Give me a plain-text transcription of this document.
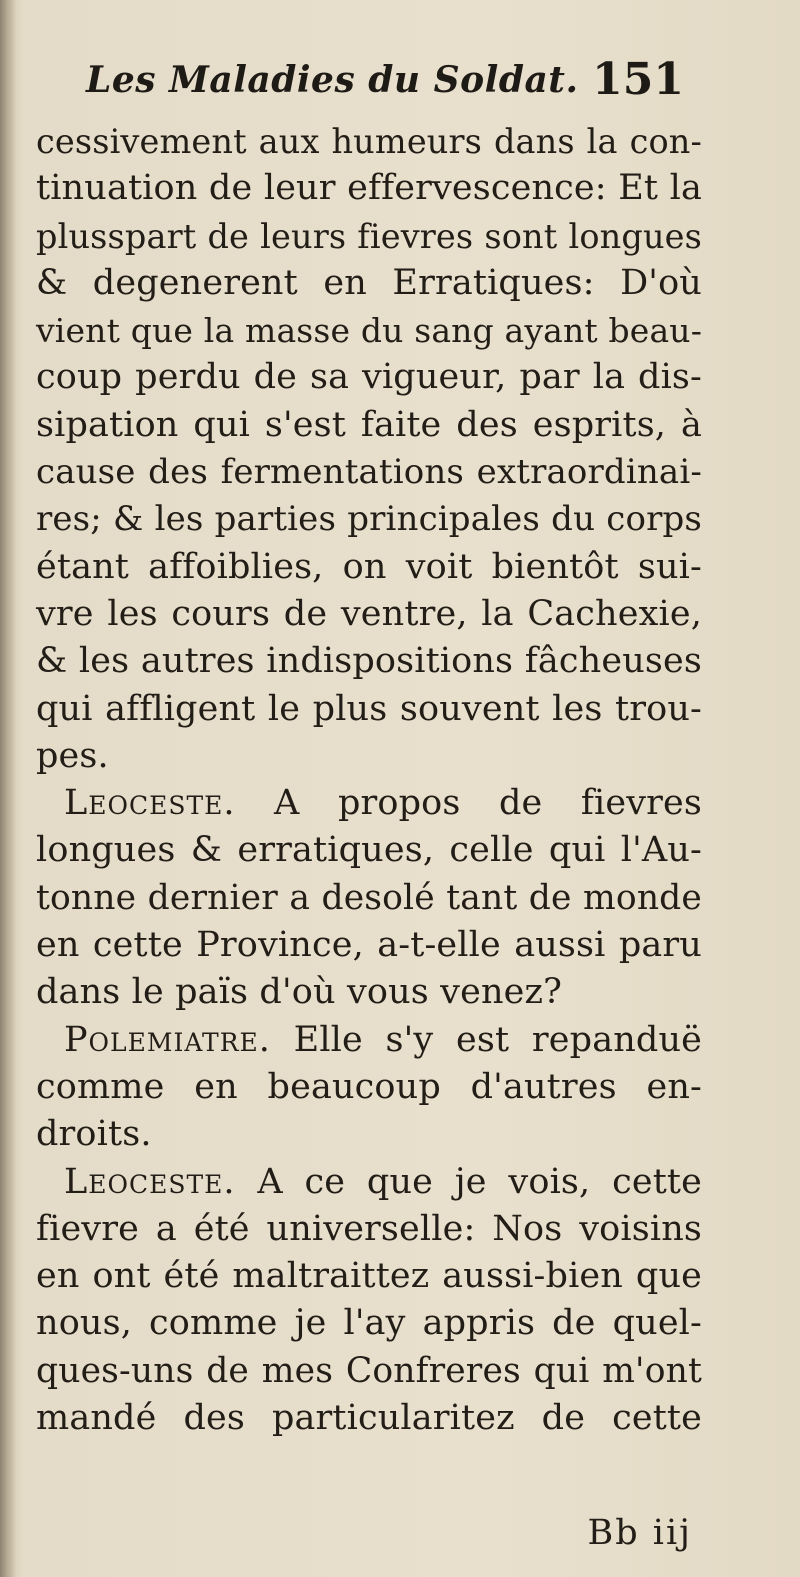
Les Maladies du Soldat. 151
cessivement aux humeurs dans la con-
tinuation de leur effervescence: Et la
plusspart de leurs fievres sont longues
& degenerent en Erratiques: D'où
vient que la masse du sang ayant beau-
coup perdu de sa vigueur, par la dis-
sipation qui s'est faite des esprits, à
cause des fermentations extraordinai-
res; & les parties principales du corps
étant affoiblies, on voit bientôt sui-
vre les cours de ventre, la Cachexie,
& les autres indispositions fâcheuses
qui affligent le plus souvent les trou-
pes.
Leoceste. A propos de fievres
longues & erratiques, celle qui l'Au-
tonne dernier a desolé tant de monde
en cette Province, a-t-elle aussi paru
dans le païs d'où vous venez?
Polemiatre. Elle s'y est repanduë
comme en beaucoup d'autres en-
droits.
Leoceste. A ce que je vois, cette
fievre a été universelle: Nos voisins
en ont été maltraittez aussi-bien que
nous, comme je l'ay appris de quel-
ques-uns de mes Confreres qui m'ont
mandé des particularitez de cette
Bb iij
